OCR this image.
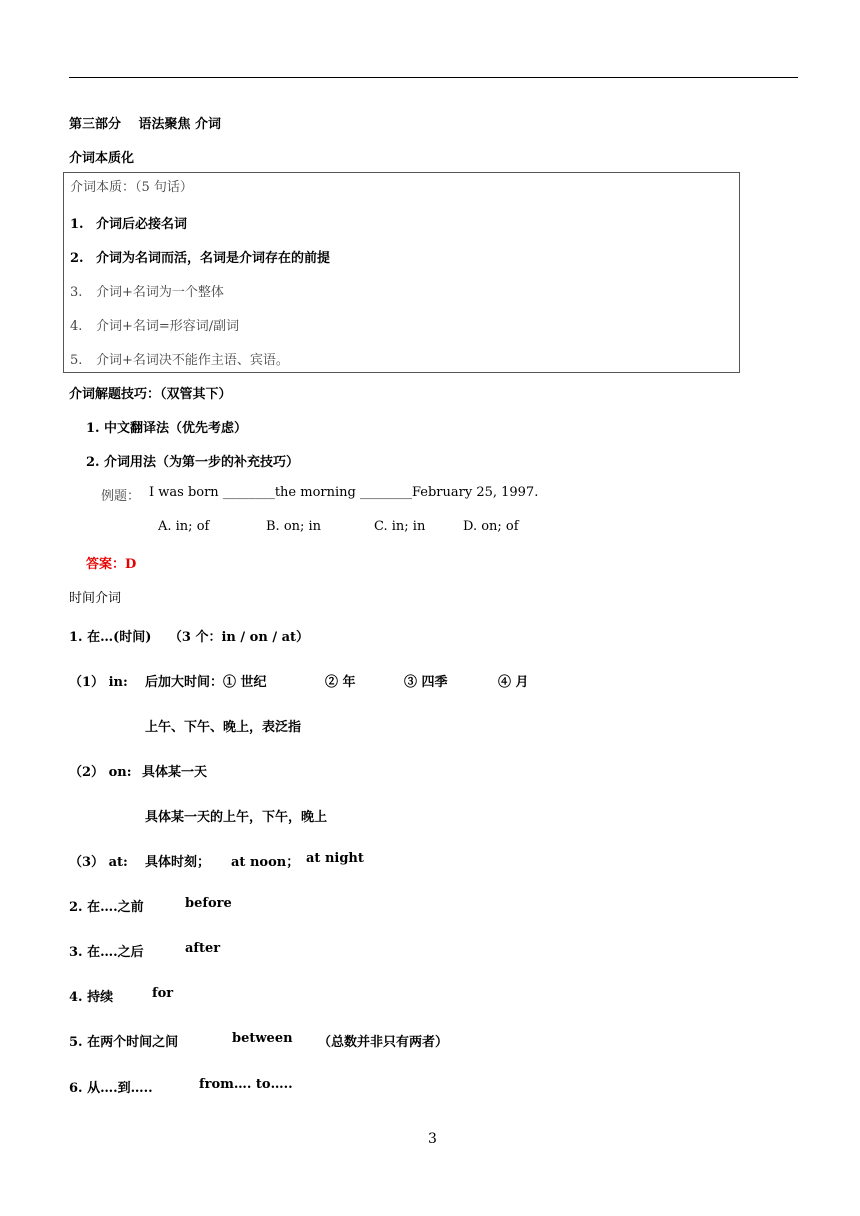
第三部分　 语法聚焦 介词
介词本质化
介词本质：（5 句话）
1. 介词后必接名词
2. 介词为名词而活，名词是介词存在的前提
3. 介词+名词为一个整体
4. 介词+名词=形容词/副词
5. 介词+名词决不能作主语、宾语。
介词解题技巧：（双管其下）
1. 中文翻译法（优先考虑）
2. 介词用法（为第一步的补充技巧）
例题： I was born ________the morning ________February 25, 1997.
A. in; of	B. on; in	C. in; in	D. on; of
答案：D
时间介词
1. 在…(时间)　 （3 个：in / on / at）
（1） in: 后加大时间：① 世纪	② 年	③ 四季	④ 月
上午、下午、晚上，表泛指
（2） on: 具体某一天
具体某一天的上午，下午，晚上
（3） at: 具体时刻； at noon； at night
2. 在….之前	before
3. 在….之后	after
4. 持续	for
5. 在两个时间之间	between （总数并非只有两者）
6. 从….到…..	from…. to…..
3
